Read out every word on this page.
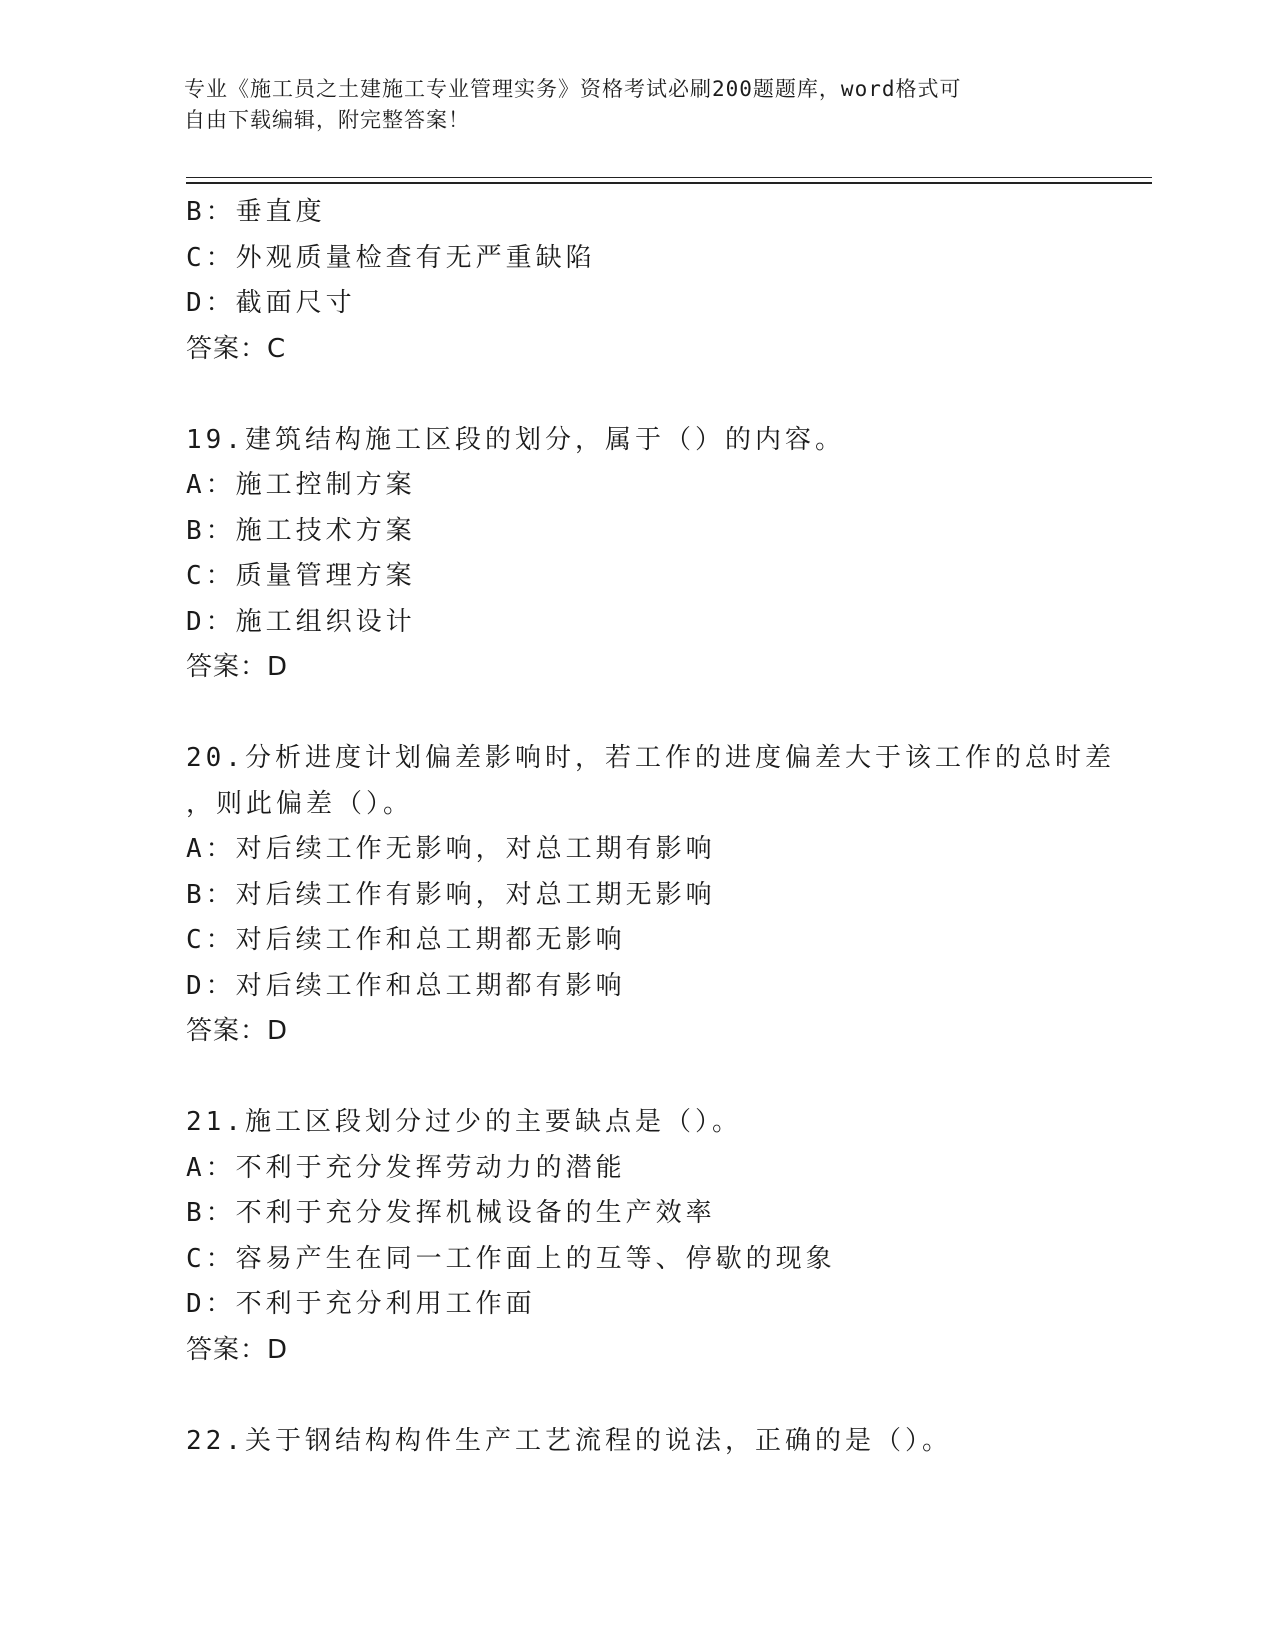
专业《施工员之土建施工专业管理实务》资格考试必刷200题题库，word格式可
自由下载编辑，附完整答案！
B：垂直度
C：外观质量检查有无严重缺陷
D：截面尺寸
答案：C
19.建筑结构施工区段的划分，属于（）的内容。
A：施工控制方案
B：施工技术方案
C：质量管理方案
D：施工组织设计
答案：D
20.分析进度计划偏差影响时，若工作的进度偏差大于该工作的总时差
，则此偏差（）。
A：对后续工作无影响，对总工期有影响
B：对后续工作有影响，对总工期无影响
C：对后续工作和总工期都无影响
D：对后续工作和总工期都有影响
答案：D
21.施工区段划分过少的主要缺点是（）。
A：不利于充分发挥劳动力的潜能
B：不利于充分发挥机械设备的生产效率
C：容易产生在同一工作面上的互等、停歇的现象
D：不利于充分利用工作面
答案：D
22.关于钢结构构件生产工艺流程的说法，正确的是（）。
